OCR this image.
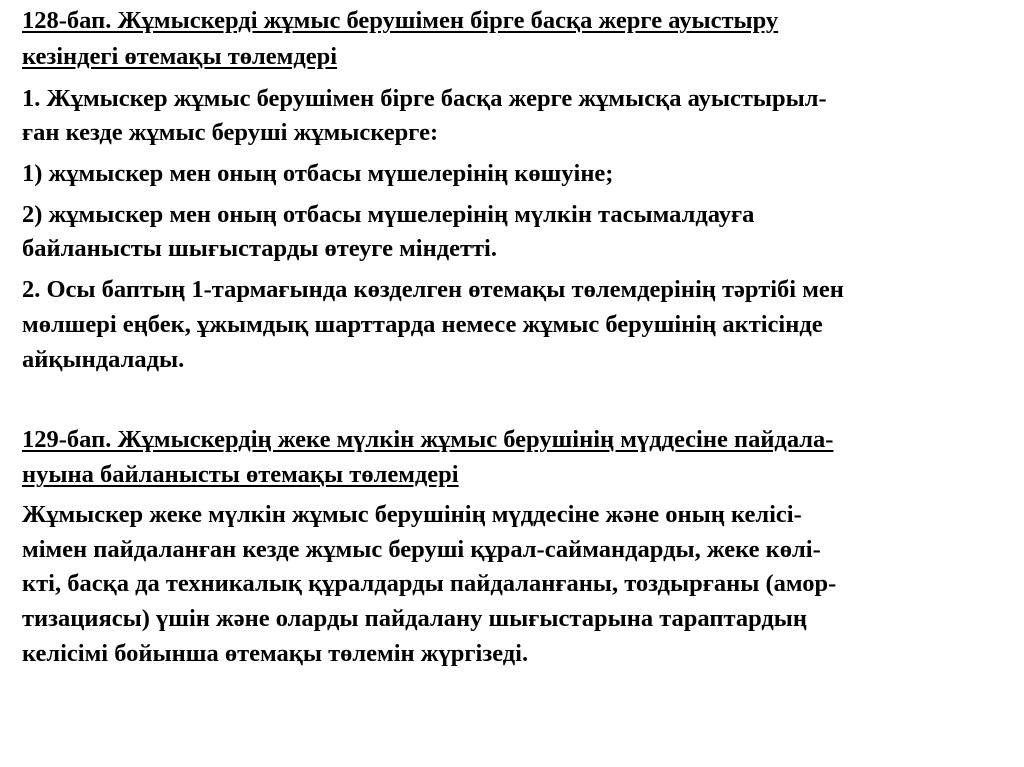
128-бап. Жұмыскерді жұмыс берушімен бірге басқа жерге ауыстыру
кезіндегі өтемақы төлемдері
1. Жұмыскер жұмыс берушімен бірге басқа жерге жұмысқа ауыстырыл-
ған кезде жұмыс беруші жұмыскерге:
1) жұмыскер мен оның отбасы мүшелерінің көшуіне;
2) жұмыскер мен оның отбасы мүшелерінің мүлкін тасымалдауға
байланысты шығыстарды өтеуге міндетті.
2. Осы баптың 1-тармағында көзделген өтемақы төлемдерінің тәртібі мен
мөлшері еңбек, ұжымдық шарттарда немесе жұмыс берушінің актісінде
айқындалады.
129-бап. Жұмыскердің жеке мүлкін жұмыс берушінің мүддесіне пайдала-
нуына байланысты өтемақы төлемдері
Жұмыскер жеке мүлкін жұмыс берушінің мүддесіне және оның келісі-
мімен пайдаланған кезде жұмыс беруші құрал-саймандарды, жеке көлі-
кті, басқа да техникалық құралдарды пайдаланғаны, тоздырғаны (амор-
тизациясы) үшін және оларды пайдалану шығыстарына тараптардың
келісімі бойынша өтемақы төлемін жүргізеді.
